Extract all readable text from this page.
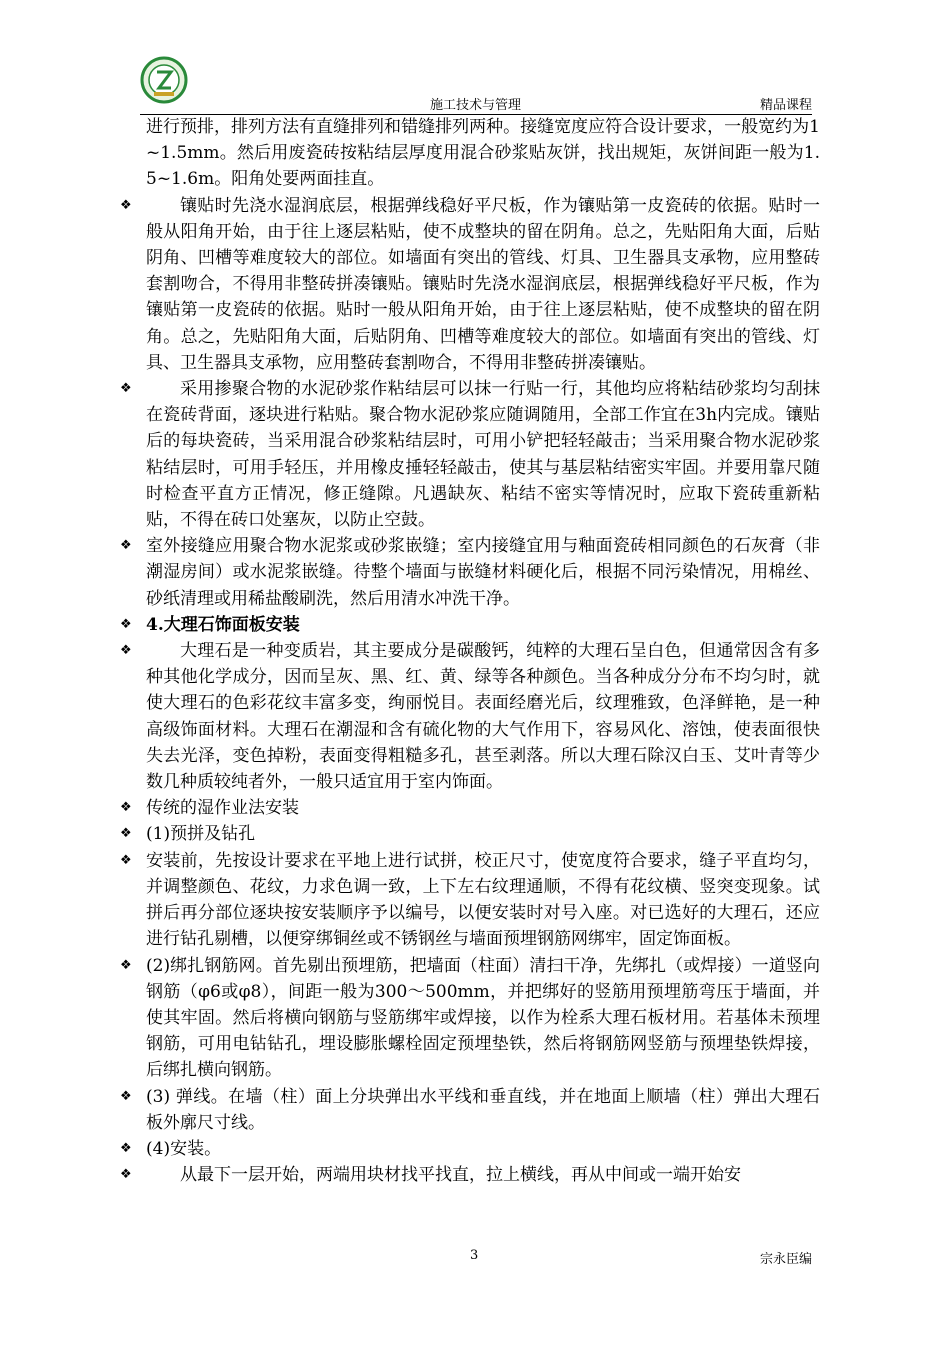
施工技术与管理	精品课程
进行预排，排列方法有直缝排列和错缝排列两种。接缝宽度应符合设计要求，一般宽约为1~1.5mm。然后用废瓷砖按粘结层厚度用混合砂浆贴灰饼，找出规矩，灰饼间距一般为1.5~1.6m。阳角处要两面挂直。
❖	镶贴时先浇水湿润底层，根据弹线稳好平尺板，作为镶贴第一皮瓷砖的依据。贴时一般从阳角开始，由于往上逐层粘贴，使不成整块的留在阴角。总之，先贴阳角大面，后贴阴角、凹槽等难度较大的部位。如墙面有突出的管线、灯具、卫生器具支承物，应用整砖套割吻合，不得用非整砖拼凑镶贴。镶贴时先浇水湿润底层，根据弹线稳好平尺板，作为镶贴第一皮瓷砖的依据。贴时一般从阳角开始，由于往上逐层粘贴，使不成整块的留在阴角。总之，先贴阳角大面，后贴阴角、凹槽等难度较大的部位。如墙面有突出的管线、灯具、卫生器具支承物，应用整砖套割吻合，不得用非整砖拼凑镶贴。
❖	采用掺聚合物的水泥砂浆作粘结层可以抹一行贴一行，其他均应将粘结砂浆均匀刮抹在瓷砖背面，逐块进行粘贴。聚合物水泥砂浆应随调随用，全部工作宜在3h内完成。镶贴后的每块瓷砖，当采用混合砂浆粘结层时，可用小铲把轻轻敲击；当采用聚合物水泥砂浆粘结层时，可用手轻压，并用橡皮捶轻轻敲击，使其与基层粘结密实牢固。并要用靠尺随时检查平直方正情况，修正缝隙。凡遇缺灰、粘结不密实等情况时，应取下瓷砖重新粘贴，不得在砖口处塞灰，以防止空鼓。
❖ 室外接缝应用聚合物水泥浆或砂浆嵌缝；室内接缝宜用与釉面瓷砖相同颜色的石灰膏（非潮湿房间）或水泥浆嵌缝。待整个墙面与嵌缝材料硬化后，根据不同污染情况，用棉丝、砂纸清理或用稀盐酸刷洗，然后用清水冲洗干净。
❖ 4.大理石饰面板安装
❖	大理石是一种变质岩，其主要成分是碳酸钙，纯粹的大理石呈白色，但通常因含有多种其他化学成分，因而呈灰、黑、红、黄、绿等各种颜色。当各种成分分布不均匀时，就使大理石的色彩花纹丰富多变，绚丽悦目。表面经磨光后，纹理雅致，色泽鲜艳，是一种高级饰面材料。大理石在潮湿和含有硫化物的大气作用下，容易风化、溶蚀，使表面很快失去光泽，变色掉粉，表面变得粗糙多孔，甚至剥落。所以大理石除汉白玉、艾叶青等少数几种质较纯者外，一般只适宜用于室内饰面。
❖ 传统的湿作业法安装
❖ (1)预拼及钻孔
❖ 安装前，先按设计要求在平地上进行试拼，校正尺寸，使宽度符合要求，缝子平直均匀，并调整颜色、花纹，力求色调一致，上下左右纹理通顺，不得有花纹横、竖突变现象。试拼后再分部位逐块按安装顺序予以编号，以便安装时对号入座。对已选好的大理石，还应进行钻孔剔槽，以便穿绑铜丝或不锈钢丝与墙面预埋钢筋网绑牢，固定饰面板。
❖ (2)绑扎钢筋网。首先剔出预埋筋，把墙面（柱面）清扫干净，先绑扎（或焊接）一道竖向钢筋（φ6或φ8），间距一般为300～500mm，并把绑好的竖筋用预埋筋弯压于墙面，并使其牢固。然后将横向钢筋与竖筋绑牢或焊接，以作为栓系大理石板材用。若基体未预埋钢筋，可用电钻钻孔，埋设膨胀螺栓固定预埋垫铁，然后将钢筋网竖筋与预埋垫铁焊接，后绑扎横向钢筋。
❖ (3) 弹线。在墙（柱）面上分块弹出水平线和垂直线，并在地面上顺墙（柱）弹出大理石板外廓尺寸线。
❖ (4)安装。
❖	从最下一层开始，两端用块材找平找直，拉上横线，再从中间或一端开始安
3	宗永臣编
